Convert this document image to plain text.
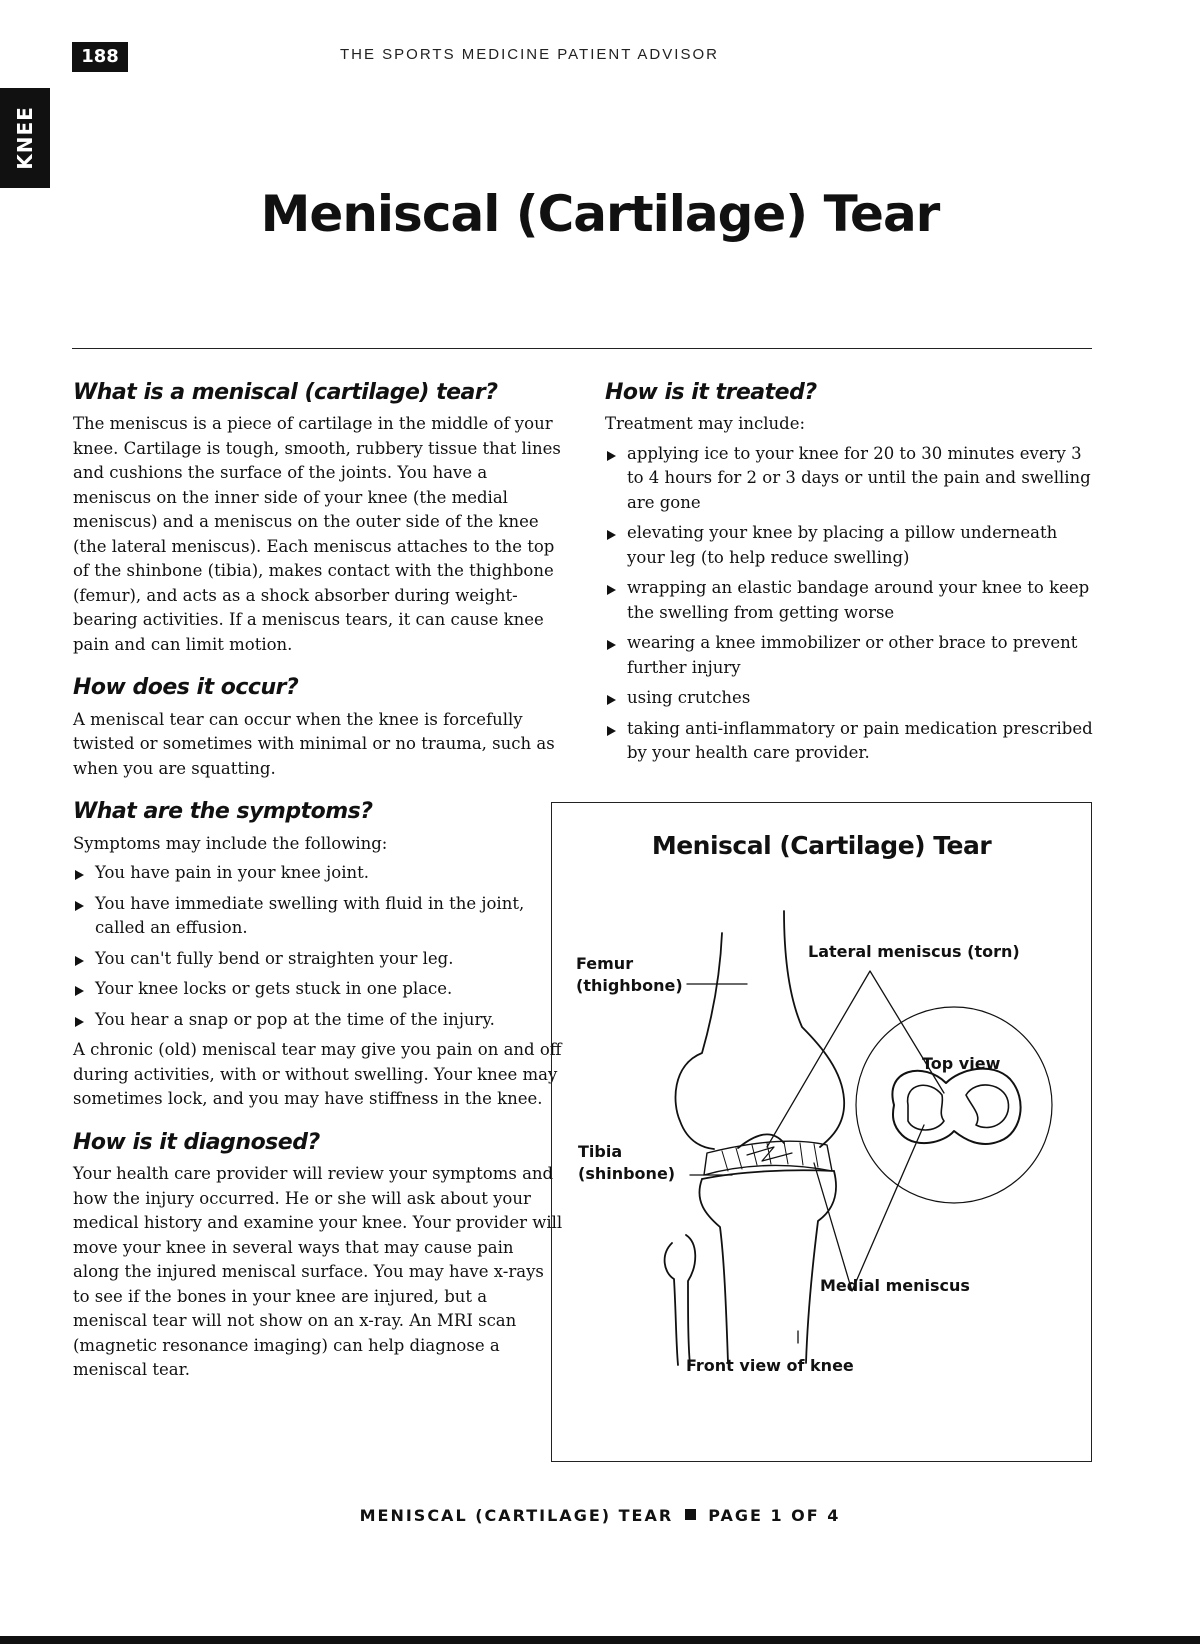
188	THE SPORTS MEDICINE PATIENT ADVISOR
KNEE
Meniscal (Cartilage) Tear
What is a meniscal (cartilage) tear?

The meniscus is a piece of cartilage in the middle of your knee. Cartilage is tough, smooth, rubbery tissue that lines and cushions the surface of the joints. You have a meniscus on the inner side of your knee (the medial meniscus) and a meniscus on the outer side of the knee (the lateral meniscus). Each meniscus attaches to the top of the shinbone (tibia), makes contact with the thighbone (femur), and acts as a shock absorber during weight-bearing activities. If a meniscus tears, it can cause knee pain and can limit motion.

How does it occur?

A meniscal tear can occur when the knee is forcefully twisted or sometimes with minimal or no trauma, such as when you are squatting.

What are the symptoms?

Symptoms may include the following:

You have pain in your knee joint.
You have immediate swelling with fluid in the joint, called an effusion.
You can't fully bend or straighten your leg.
Your knee locks or gets stuck in one place.
You hear a snap or pop at the time of the injury.

A chronic (old) meniscal tear may give you pain on and off during activities, with or without swelling. Your knee may sometimes lock, and you may have stiffness in the knee.

How is it diagnosed?

Your health care provider will review your symptoms and how the injury occurred. He or she will ask about your medical history and examine your knee. Your provider will move your knee in several ways that may cause pain along the injured meniscal surface. You may have x-rays to see if the bones in your knee are injured, but a meniscal tear will not show on an x-ray. An MRI scan (magnetic resonance imaging) can help diagnose a meniscal tear.

How is it treated?

Treatment may include:

applying ice to your knee for 20 to 30 minutes every 3 to 4 hours for 2 or 3 days or until the pain and swelling are gone
elevating your knee by placing a pillow underneath your leg (to help reduce swelling)
wrapping an elastic bandage around your knee to keep the swelling from getting worse
wearing a knee immobilizer or other brace to prevent further injury
using crutches
taking anti-inflammatory or pain medication prescribed by your health care provider.
Meniscal (Cartilage) Tear
Femur
(thighbone)
Lateral meniscus (torn)
Top view
Tibia
(shinbone)
Medial meniscus
Front view of knee
MENISCAL (CARTILAGE) TEAR PAGE 1 OF 4
